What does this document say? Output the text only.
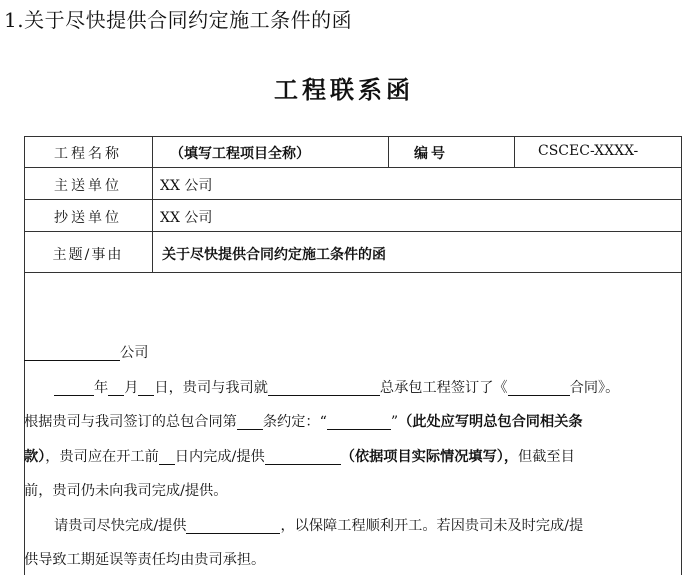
1.关于尽快提供合同约定施工条件的函
工程联系函
工程名称	（填写工程项目全称）	编号	CSCEC-XXXX-
主送单位	XX 公司
抄送单位	XX 公司
主题/事由	关于尽快提供合同约定施工条件的函
公司
年 月 日，贵司与我司就	总承包工程签订了《	合同》。
根据贵司与我司签订的总包合同第 条约定：“	”（此处应写明总包合同相关条
款），贵司应在开工前 日内完成/提供	（依据项目实际情况填写），但截至目
前，贵司仍未向我司完成/提供。
请贵司尽快完成/提供	，以保障工程顺利开工。若因贵司未及时完成/提
供导致工期延误等责任均由贵司承担。
